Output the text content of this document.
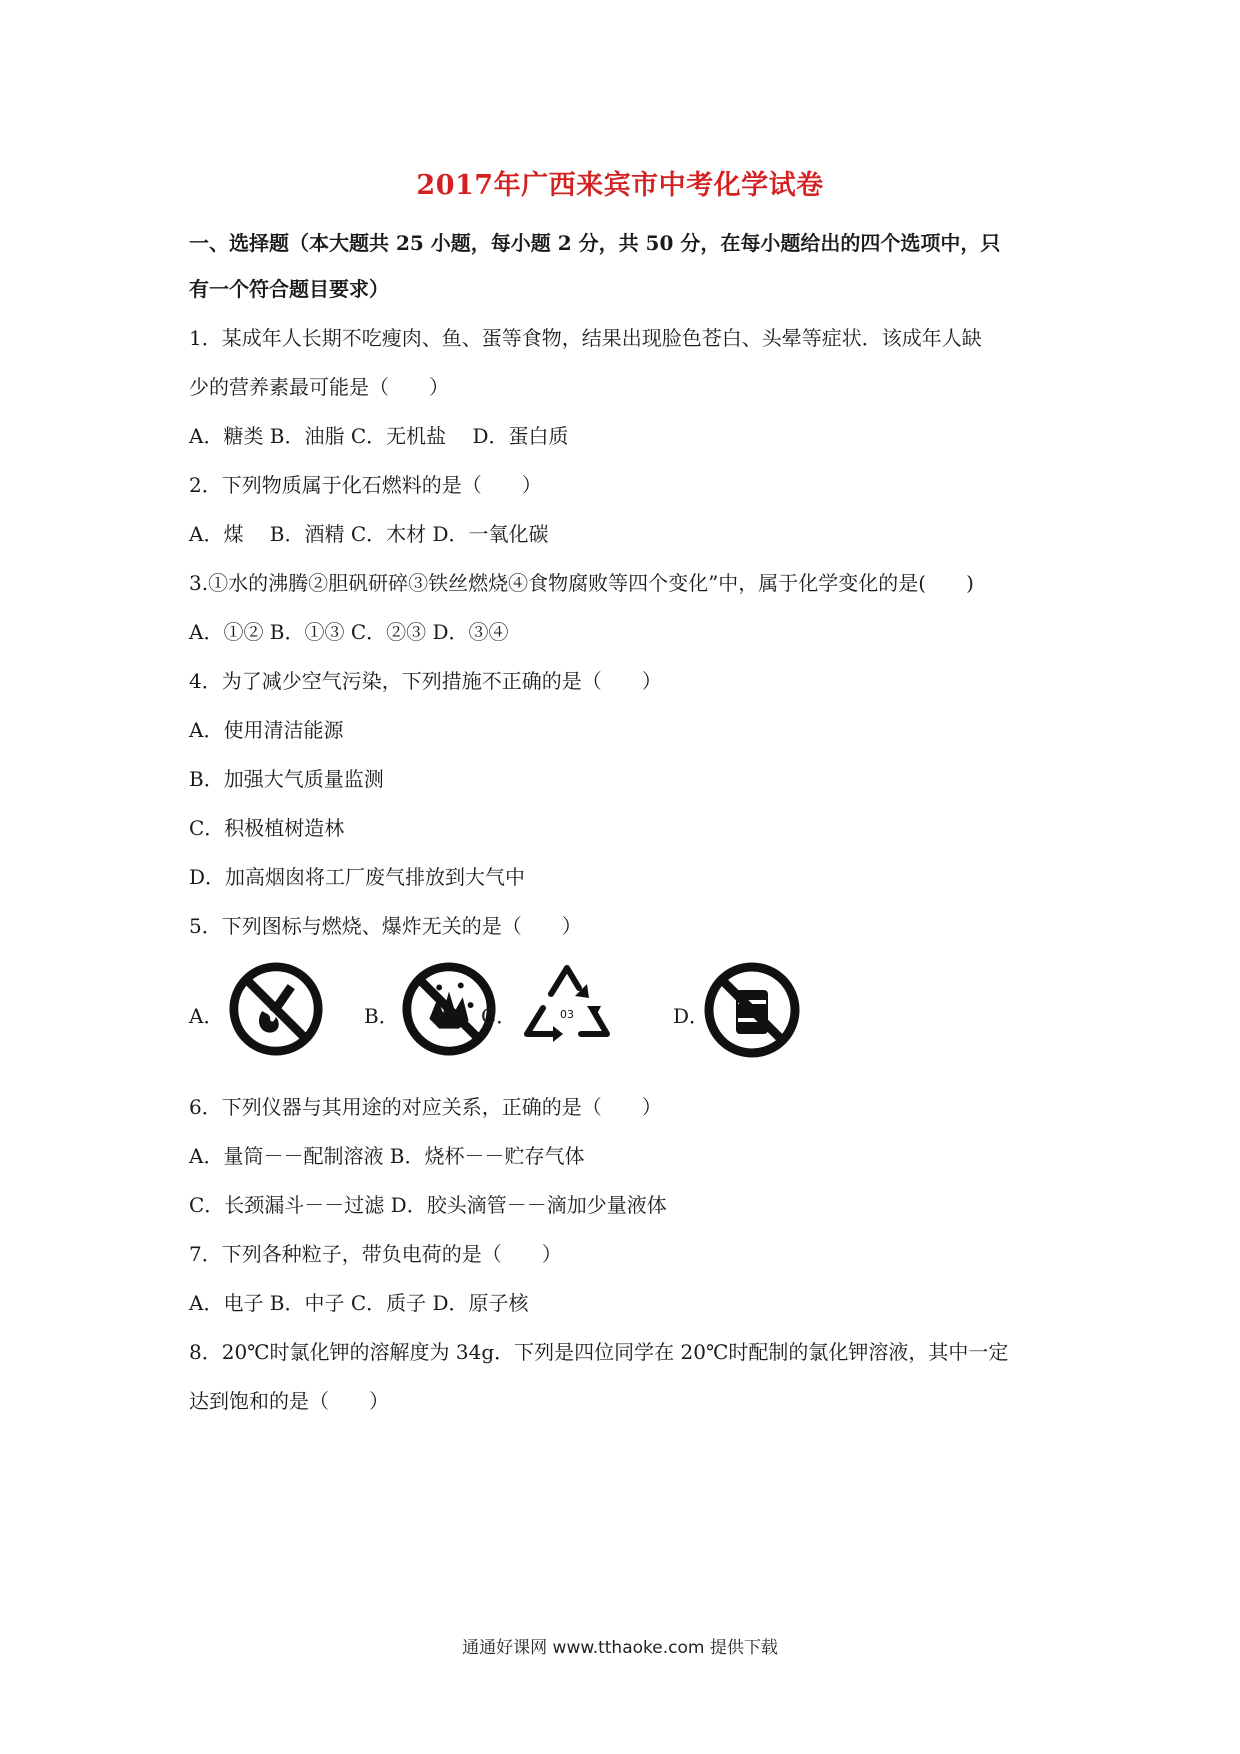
2017年广西来宾市中考化学试卷
一、选择题（本大题共 25 小题，每小题 2 分，共 50 分，在每小题给出的四个选项中，只
有一个符合题目要求）
1．某成年人长期不吃瘦肉、鱼、蛋等食物，结果出现脸色苍白、头晕等症状．该成年人缺
少的营养素最可能是（　　）
A．糖类 B．油脂 C．无机盐　 D．蛋白质
2．下列物质属于化石燃料的是（　　）
A．煤　 B．酒精 C．木材 D．一氧化碳
3.①水的沸腾②胆矾研碎③铁丝燃烧④食物腐败等四个变化”中，属于化学变化的是(　　)
A．①② B．①③ C．②③ D．③④
4．为了减少空气污染，下列措施不正确的是（　　）
A．使用清洁能源
B．加强大气质量监测
C．积极植树造林
D．加高烟囱将工厂废气排放到大气中
5．下列图标与燃烧、爆炸无关的是（　　）
A．	B．	C．	03	D．
6．下列仪器与其用途的对应关系，正确的是（　　）
A．量筒－－配制溶液 B．烧杯－－贮存气体
C．长颈漏斗－－过滤 D．胶头滴管－－滴加少量液体
7．下列各种粒子，带负电荷的是（　　）
A．电子 B．中子 C．质子 D．原子核
8．20℃时氯化钾的溶解度为 34g．下列是四位同学在 20℃时配制的氯化钾溶液，其中一定
达到饱和的是（　　）
通通好课网 www.tthaoke.com 提供下载
